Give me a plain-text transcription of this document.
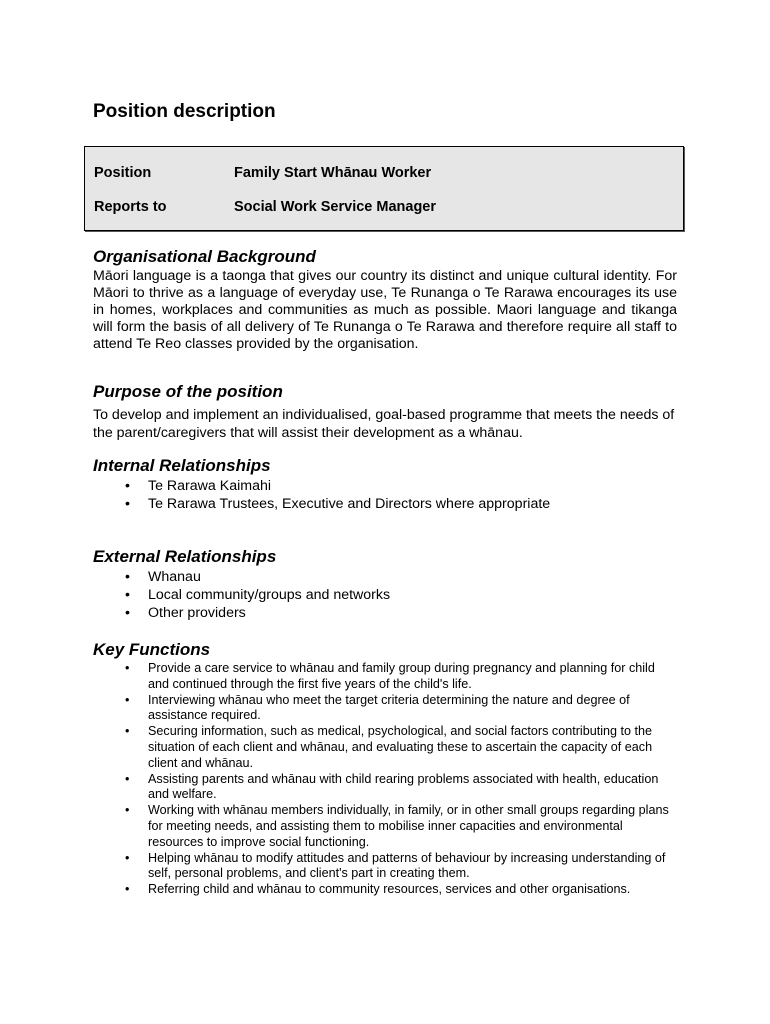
Position description
Position	Family Start Whānau Worker
Reports to	Social Work Service Manager
Organisational Background

Māori language is a taonga that gives our country its distinct and unique cultural identity. For Māori to thrive as a language of everyday use, Te Runanga o Te Rarawa encourages its use in homes, workplaces and communities as much as possible. Maori language and tikanga will form the basis of all delivery of Te Runanga o Te Rarawa and therefore require all staff to attend Te Reo classes provided by the organisation.

Purpose of the position

To develop and implement an individualised, goal-based programme that meets the needs of the parent/caregivers that will assist their development as a whānau.

Internal Relationships
• Te Rarawa Kaimahi
• Te Rarawa Trustees, Executive and Directors where appropriate
External Relationships
• Whanau
• Local community/groups and networks
• Other providers
Key Functions
• Provide a care service to whānau and family group during pregnancy and planning for child and continued through the first five years of the child's life.
• Interviewing whānau who meet the target criteria determining the nature and degree of assistance required.
• Securing information, such as medical, psychological, and social factors contributing to the situation of each client and whānau, and evaluating these to ascertain the capacity of each client and whānau.
• Assisting parents and whānau with child rearing problems associated with health, education and welfare.
• Working with whānau members individually, in family, or in other small groups regarding plans for meeting needs, and assisting them to mobilise inner capacities and environmental resources to improve social functioning.
• Helping whānau to modify attitudes and patterns of behaviour by increasing understanding of self, personal problems, and client's part in creating them.
• Referring child and whānau to community resources, services and other organisations.
